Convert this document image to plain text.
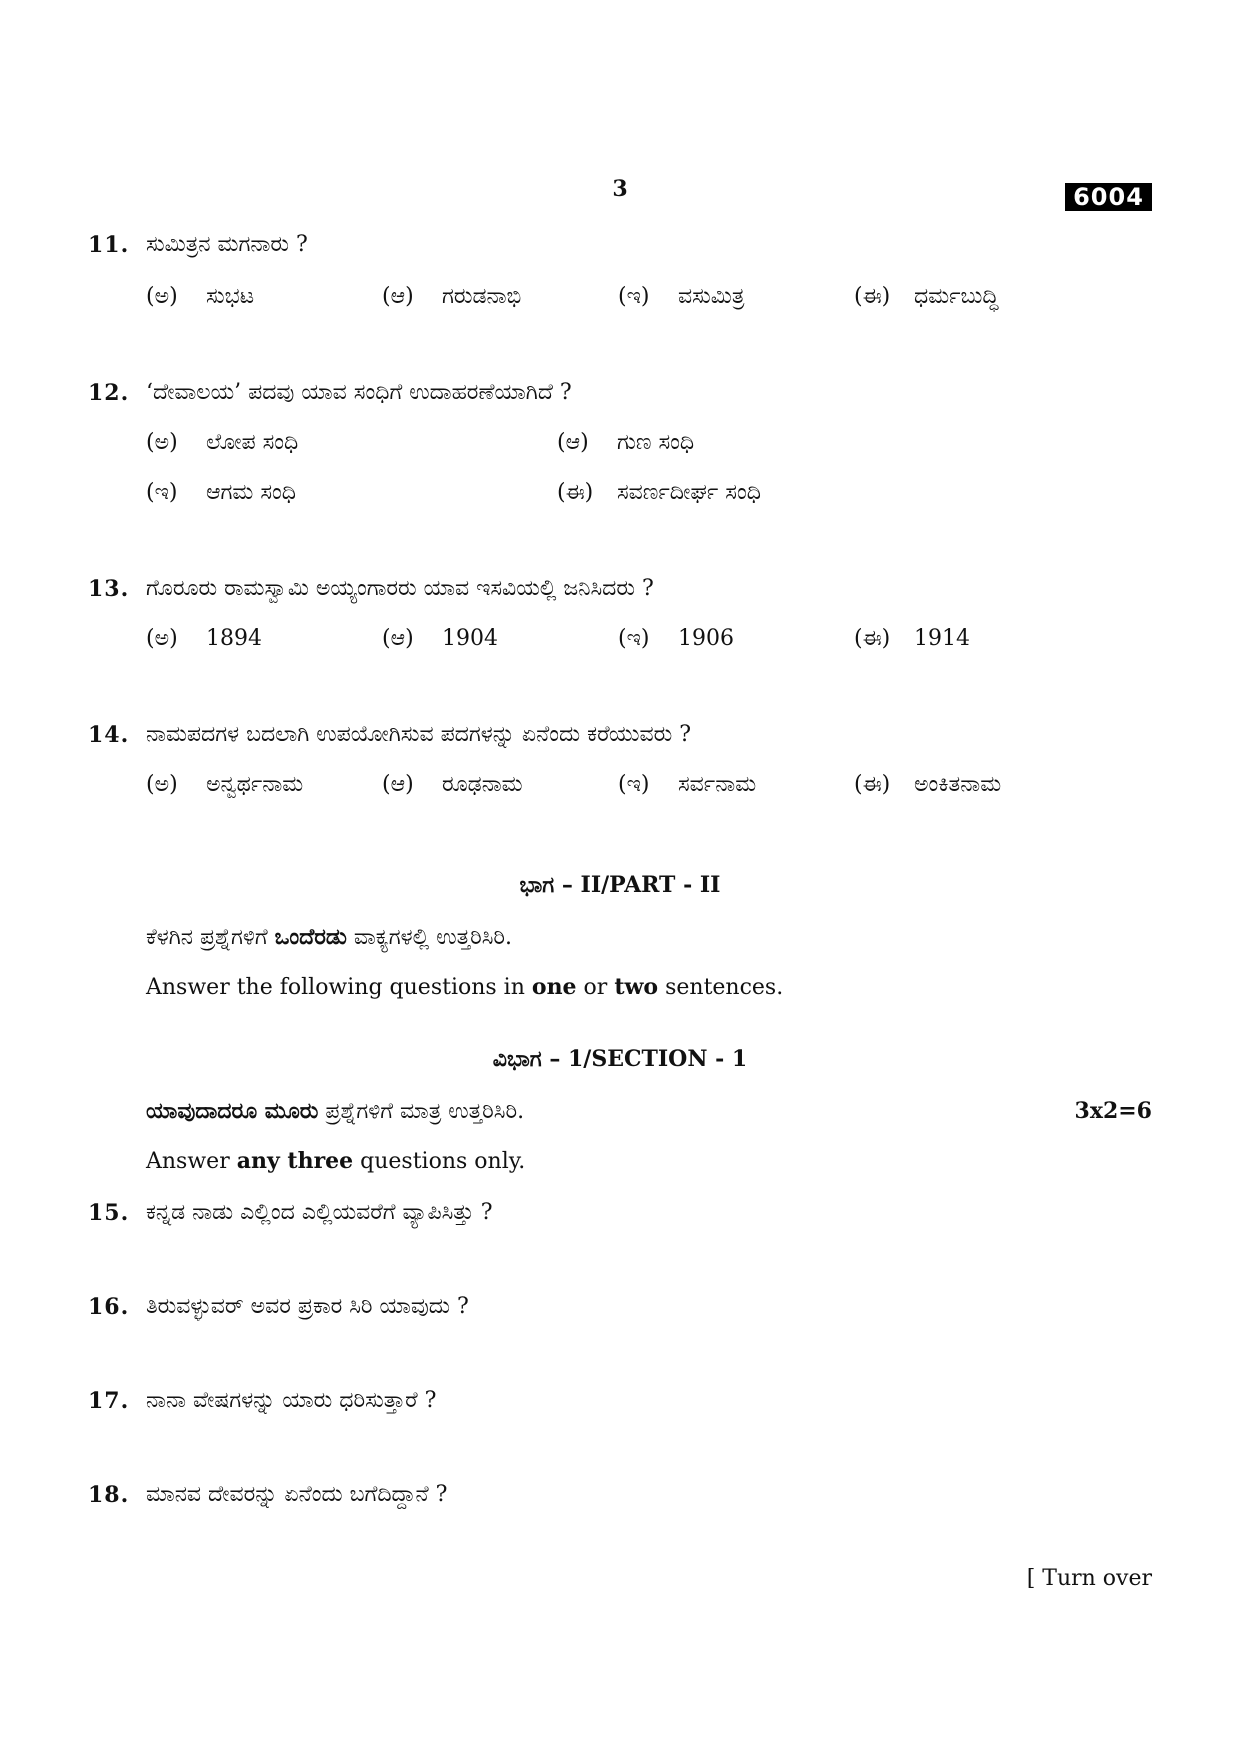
3	6004
11. ಸುಮಿತ್ರನ ಮಗನಾರು ?
(ಅ) ಸುಭಟ	(ಆ) ಗರುಡನಾಭಿ	(ಇ) ವಸುಮಿತ್ರ	(ಈ) ಧರ್ಮಬುದ್ಧಿ
12. ‘ದೇವಾಲಯ’ ಪದವು ಯಾವ ಸಂಧಿಗೆ ಉದಾಹರಣೆಯಾಗಿದೆ ?
(ಅ) ಲೋಪ ಸಂಧಿ	(ಆ) ಗುಣ ಸಂಧಿ
(ಇ) ಆಗಮ ಸಂಧಿ	(ಈ) ಸವರ್ಣದೀರ್ಘ ಸಂಧಿ
13. ಗೊರೂರು ರಾಮಸ್ವಾಮಿ ಅಯ್ಯಂಗಾರರು ಯಾವ ಇಸವಿಯಲ್ಲಿ ಜನಿಸಿದರು ?
(ಅ) 1894	(ಆ) 1904	(ಇ) 1906	(ಈ) 1914
14. ನಾಮಪದಗಳ ಬದಲಾಗಿ ಉಪಯೋಗಿಸುವ ಪದಗಳನ್ನು ಏನೆಂದು ಕರೆಯುವರು ?
(ಅ) ಅನ್ವರ್ಥನಾಮ	(ಆ) ರೂಢನಾಮ	(ಇ) ಸರ್ವನಾಮ	(ಈ) ಅಂಕಿತನಾಮ
ಭಾಗ – II/PART - II
ಕೆಳಗಿನ ಪ್ರಶ್ನೆಗಳಿಗೆ ಒಂದೆರಡು ವಾಕ್ಯಗಳಲ್ಲಿ ಉತ್ತರಿಸಿರಿ.
Answer the following questions in one or two sentences.
ವಿಭಾಗ – 1/SECTION - 1
ಯಾವುದಾದರೂ ಮೂರು ಪ್ರಶ್ನೆಗಳಿಗೆ ಮಾತ್ರ ಉತ್ತರಿಸಿರಿ.	3x2=6
Answer any three questions only.
15. ಕನ್ನಡ ನಾಡು ಎಲ್ಲಿಂದ ಎಲ್ಲಿಯವರೆಗೆ ವ್ಯಾಪಿಸಿತ್ತು ?
16. ತಿರುವಳ್ಳುವರ್ ಅವರ ಪ್ರಕಾರ ಸಿರಿ ಯಾವುದು ?
17. ನಾನಾ ವೇಷಗಳನ್ನು ಯಾರು ಧರಿಸುತ್ತಾರೆ ?
18. ಮಾನವ ದೇವರನ್ನು ಏನೆಂದು ಬಗೆದಿದ್ದಾನೆ ?
[ Turn over
